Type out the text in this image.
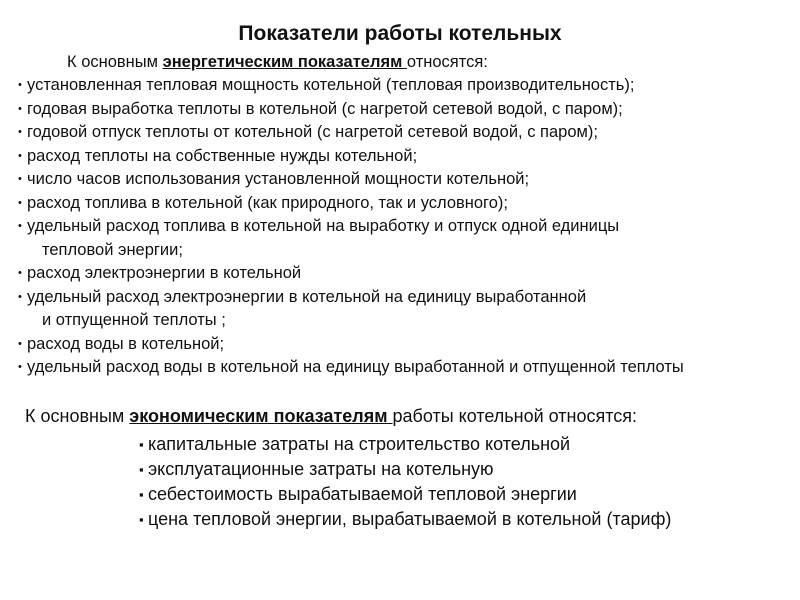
Показатели работы котельных
К основным энергетическим показателям относятся:
• установленная тепловая мощность котельной (тепловая производительность);
• годовая выработка теплоты в котельной (с нагретой сетевой водой, с паром);
• годовой отпуск теплоты от котельной (с нагретой сетевой водой, с паром);
• расход теплоты на собственные нужды котельной;
• число часов использования установленной мощности котельной;
• расход топлива в котельной (как природного, так и условного);
• удельный расход топлива в котельной на выработку и отпуск одной единицы
тепловой энергии;
• расход электроэнергии в котельной
• удельный расход электроэнергии в котельной на единицу выработанной
и отпущенной теплоты ;
• расход воды в котельной;
• удельный расход воды в котельной на единицу выработанной и отпущенной теплоты
К основным экономическим показателям работы котельной относятся:
▪ капитальные затраты на строительство котельной
▪ эксплуатационные затраты на котельную
▪ себестоимость вырабатываемой тепловой энергии
▪ цена тепловой энергии, вырабатываемой в котельной (тариф)
